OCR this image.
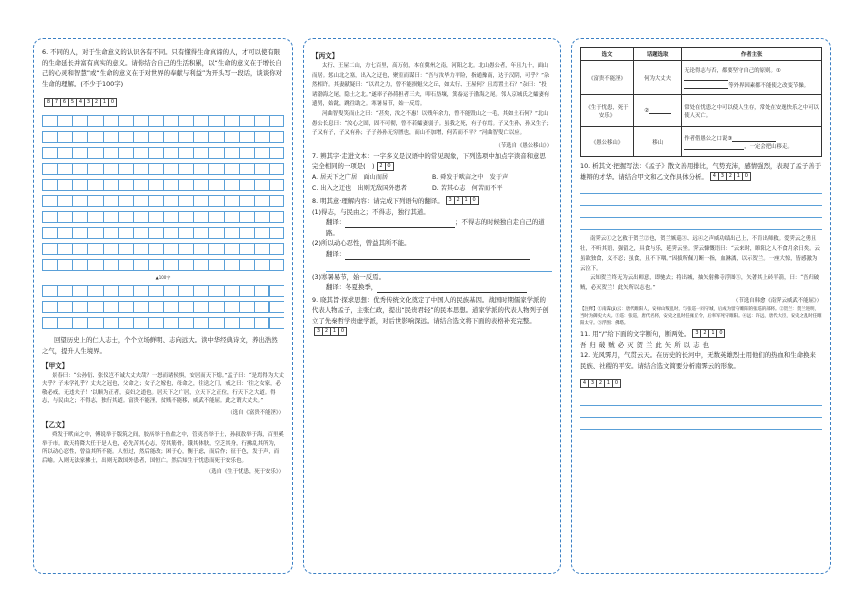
6. 不同的人，对于生命意义的认识各有不同。只有懂得生命真谛的人，才可以使有限的生命延长并富有真实的意义。请你结合自己的生活积累，以“生命的意义在于增长自己的心灵和智慧”或“生命的意义在于对世界的奉献与利益”为开头写一段话，谈谈你对生命的理解。(不少于100字)

8 7 6 5 4 3 2 1 0
▲100字

回望历史上的仁人志士，个个立场鲜明、志向远大。读中华经典诗文，养出浩然之气，提升人生境界。

【甲文】

景春曰：“公孙衍、张仪岂不诚大丈夫哉？一怒而诸侯惧，安居而天下熄。”孟子曰：“是焉得为大丈夫乎？子未学礼乎？丈夫之冠也，父命之；女子之嫁也，母命之，往送之门，戒之曰：‘往之女家，必敬必戒，无违夫子！’以顺为正者，妾妇之道也。居天下之广居，立天下之正位，行天下之大道。得志，与民由之；不得志，独行其道。富贵不能淫，贫贱不能移，威武不能屈。此之谓大丈夫。”

（选自《富贵不能淫》）
【乙文】

舜发于畎亩之中，傅说举于版筑之间，胶鬲举于鱼盐之中，管夷吾举于士，孙叔敖举于海，百里奚举于市。故天将降大任于是人也，必先苦其心志，劳其筋骨，饿其体肤，空乏其身，行拂乱其所为，所以动心忍性，曾益其所不能。人恒过，然后能改；困于心，衡于虑，而后作；征于色，发于声，而后喻。入则无法家拂士，出则无敌国外患者，国恒亡。然后知生于忧患而死于安乐也。

（选自《生于忧患，死于安乐》）
【丙文】

太行、王屋二山，方七百里，高万仞，本在冀州之南，河阳之北。北山愚公者，年且九十，面山而居。惩山北之塞，出入之迂也，聚室而谋曰：“吾与汝毕力平险，指通豫南，达于汉阴，可乎？”杂然相许。其妻献疑曰：“以君之力，曾不能损魁父之丘，如太行、王屋何？且焉置土石？”杂曰：“投诸渤海之尾，隐土之北。”遂率子孙荷担者三夫，叩石垦壤，箕畚运于渤海之尾。邻人京城氏之孀妻有遗男，始龀，跳往助之。寒暑易节，始一反焉。

河曲智叟笑而止之曰：“甚矣，汝之不惠！以残年余力，曾不能毁山之一毛，其如土石何？”北山愚公长息曰：“汝心之固，固不可彻，曾不若孀妻弱子。虽我之死，有子存焉。子又生孙，孙又生子；子又有子，子又有孙；子子孙孙无穷匮也，而山不加增，何苦而不平？”河曲智叟亡以应。

（节选自《愚公移山》）

7. 辨其字·走进文本：一字多义是汉语中的常见现象，下列选项中加点字读音和意思完全相同的一项是(　) 2 0

A. 居天下之广居　面山而居	B. 舜发于畎亩之中　发于声
C. 出入之迂也　出则无敌国外患者	D. 苦其心志　何苦而不平

8. 明其意·理解内容：请完成下列语句的翻译。 3 2 1 0

(1)得志，与民由之；不得志，独行其道。

翻译：	；不得志的时候独自走自己的道路。

(2)所以动心忍性，曾益其所不能。

翻译：

(3)寒暑易节，始一反焉。

翻译：冬夏换季，

9. 晓其旨·探求思想：优秀传统文化奠定了中国人的民族基因。战国时期儒家学派的代表人物孟子，主张仁政，提出“民贵君轻”的民本思想。道家学派的代表人物列子创立了先秦哲学贵虚学派，对后世影响深远。请结合选文将下面的表格补充完整。
3 2 1 0

选文	话题选取	作者主张
《富贵不能淫》	何为大丈夫	无论得志与否，都要坚守自己的原则。①
等外界因素都不能使之改变节操。
《生于忧患，死于安乐》	②	常处在忧患之中可以使人生存，常处在安逸快乐之中可以使人灭亡。
《愚公移山》	移山	作者借愚公之口说③
，一定会把山移走。

10. 析其文·把握写法：《孟子》散文善用排比，气势充沛，感情强烈，表现了孟子善于雄辩的才华。请结合甲文和乙文作具体分析。 4 3 2 1 0

南霁云①之乞救于贺兰②也，贺兰嫉巡③、远④之声威功绩出己上，不肯出师救。爱霁云之勇且壮，不听其语，强留之，具食与乐，延霁云坐。霁云慷慨语曰：“云来时，睢阳之人不食月余日矣。云虽欲独食，义不忍；虽食，且不下咽。”因拔所佩刀断一指，血淋漓，以示贺兰。一座大惊，皆感激为云泣下。

云知贺兰终无为云出师意，即驰去；将出城，抽矢射佛寺浮图⑤，矢著其上砖半箭，曰：“吾归破贼，必灭贺兰！此矢所以志也。”

（节选自韩愈《南霁云威武不能屈》）

【注释】①南霁(jì)云：唐代睢阳人，安禄山叛乱时，与张巡一同守城，后成为留守睢阳的张巡的部将。②贺兰：贺兰进明，当时为御史大夫。③巡：张巡，唐代名将，安史之乱时任雍丘令，后率军死守睢阳。④远：许远，唐代大臣，安史之乱时任睢阳太守。⑤浮图：佛塔。

11. 用“/”给下面的文字断句，断两处。 3 2 1 0

吾 归 破 贼 必 灭 贺 兰 此 矢 所 以 志 也

12. 光风霁月，气贯云天。在历史的长河中，无数英雄烈士用他们的热血和生命换来民族、社稷的平安。请结合选文简要分析南霁云的形象。

4 3 2 1 0
